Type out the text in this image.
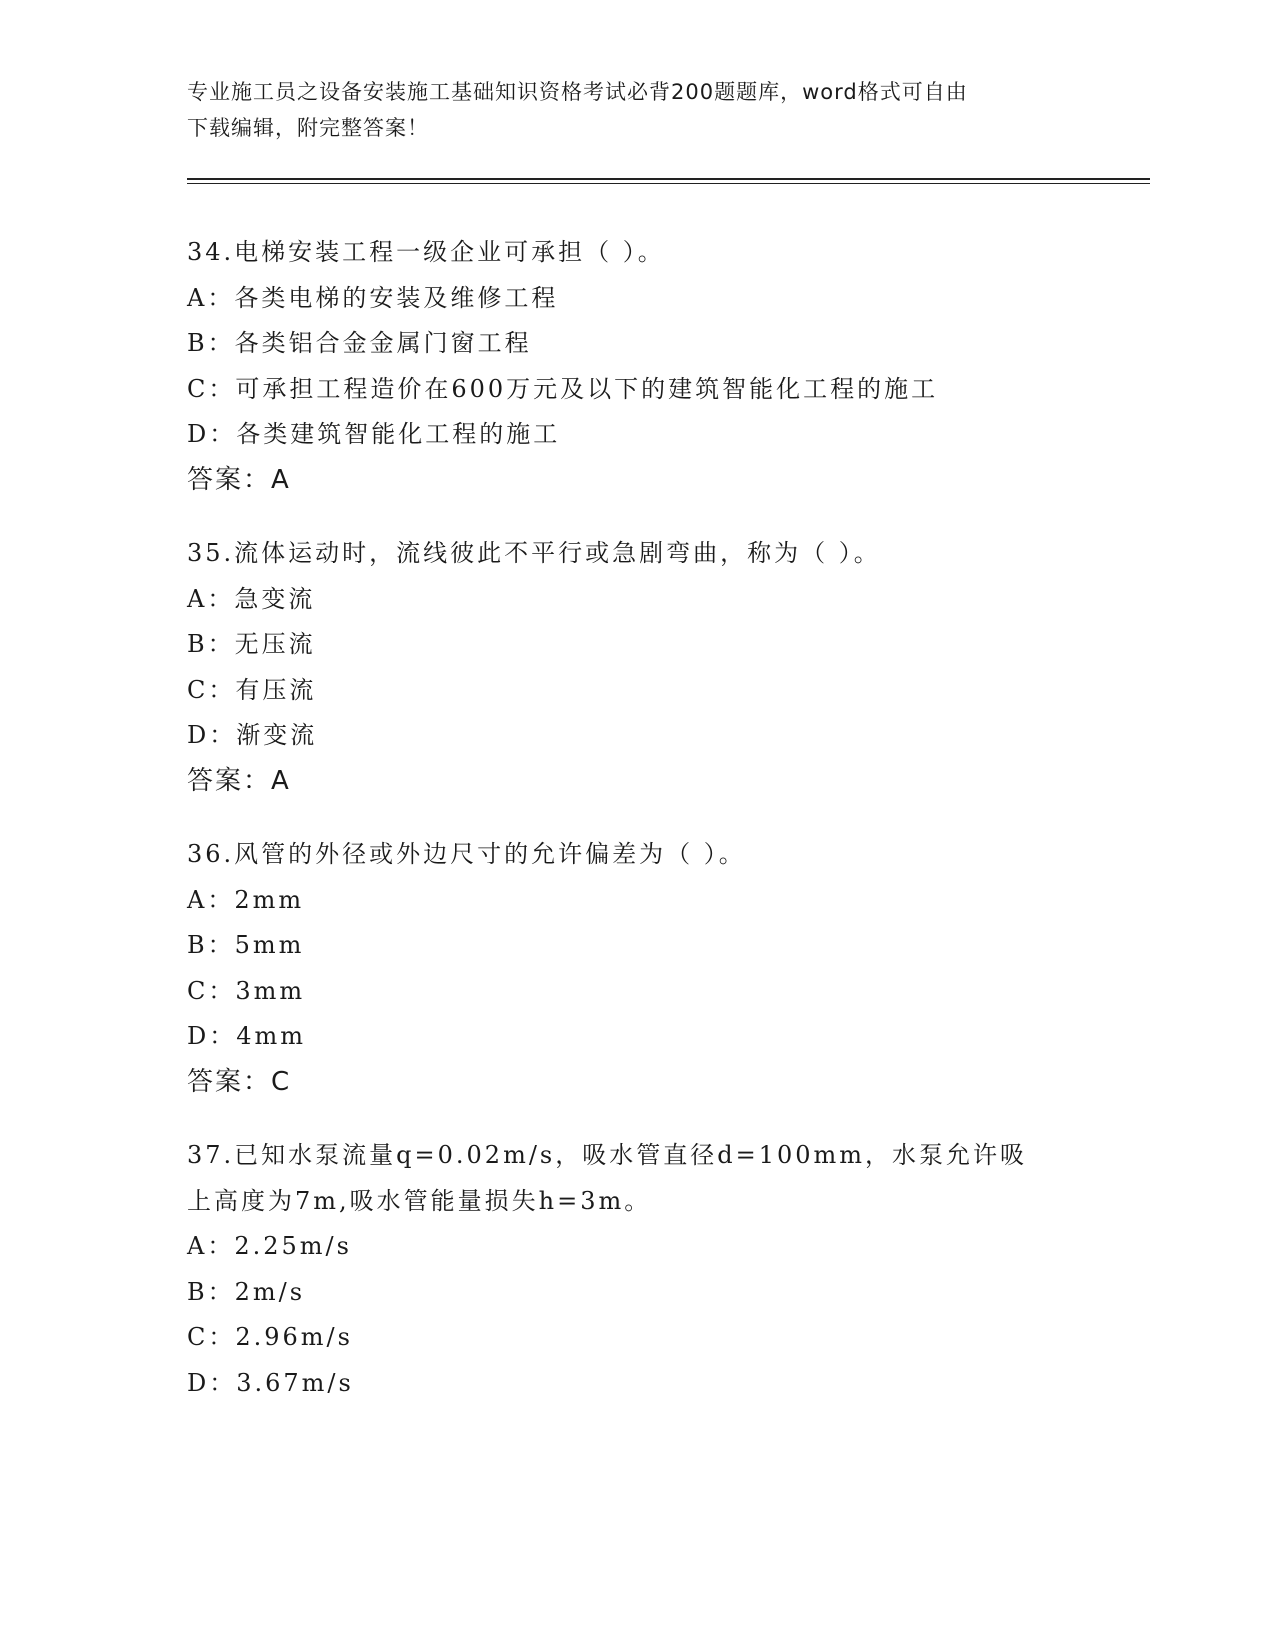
专业施工员之设备安装施工基础知识资格考试必背200题题库，word格式可自由
下载编辑，附完整答案！
34.电梯安装工程一级企业可承担（ ）。
A：各类电梯的安装及维修工程
B：各类铝合金金属门窗工程
C：可承担工程造价在600万元及以下的建筑智能化工程的施工
D：各类建筑智能化工程的施工
答案：A
35.流体运动时，流线彼此不平行或急剧弯曲，称为（ ）。
A：急变流
B：无压流
C：有压流
D：渐变流
答案：A
36.风管的外径或外边尺寸的允许偏差为（ ）。
A：2mm
B：5mm
C：3mm
D：4mm
答案：C
37.已知水泵流量q=0.02m/s，吸水管直径d=100mm，水泵允许吸上高度为7m,吸水管能量损失h=3m。
A：2.25m/s
B：2m/s
C：2.96m/s
D：3.67m/s
